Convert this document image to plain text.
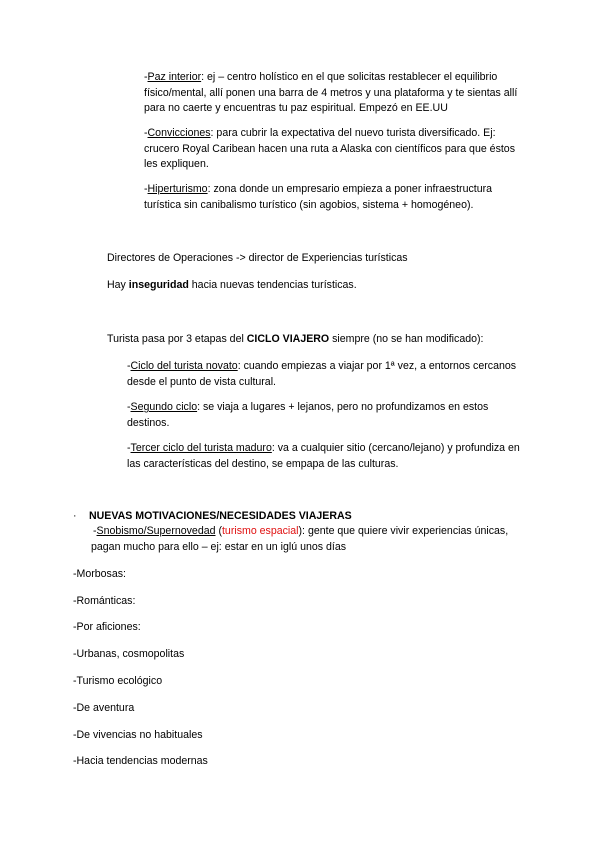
-Paz interior: ej – centro holístico en el que solicitas restablecer el equilibrio físico/mental, allí ponen una barra de 4 metros y una plataforma y te sientas allí para no caerte y encuentras tu paz espiritual. Empezó en EE.UU

-Convicciones: para cubrir la expectativa del nuevo turista diversificado. Ej: crucero Royal Caribean hacen una ruta a Alaska con científicos para que éstos les expliquen.

-Hiperturismo: zona donde un empresario empieza a poner infraestructura turística sin canibalismo turístico (sin agobios, sistema + homogéneo).

Directores de Operaciones -> director de Experiencias turísticas

Hay inseguridad hacia nuevas tendencias turísticas.

Turista pasa por 3 etapas del CICLO VIAJERO siempre (no se han modificado):

-Ciclo del turista novato: cuando empiezas a viajar por 1ª vez, a entornos cercanos desde el punto de vista cultural.

-Segundo ciclo: se viaja a lugares + lejanos, pero no profundizamos en estos destinos.

-Tercer ciclo del turista maduro: va a cualquier sitio (cercano/lejano) y profundiza en las características del destino, se empapa de las culturas.

· NUEVAS MOTIVACIONES/NECESIDADES VIAJERAS

-Snobismo/Supernovedad (turismo espacial): gente que quiere vivir experiencias únicas, pagan mucho para ello – ej: estar en un iglú unos días

-Morbosas:

-Románticas:

-Por aficiones:

-Urbanas, cosmopolitas

-Turismo ecológico

-De aventura

-De vivencias no habituales

-Hacia tendencias modernas
